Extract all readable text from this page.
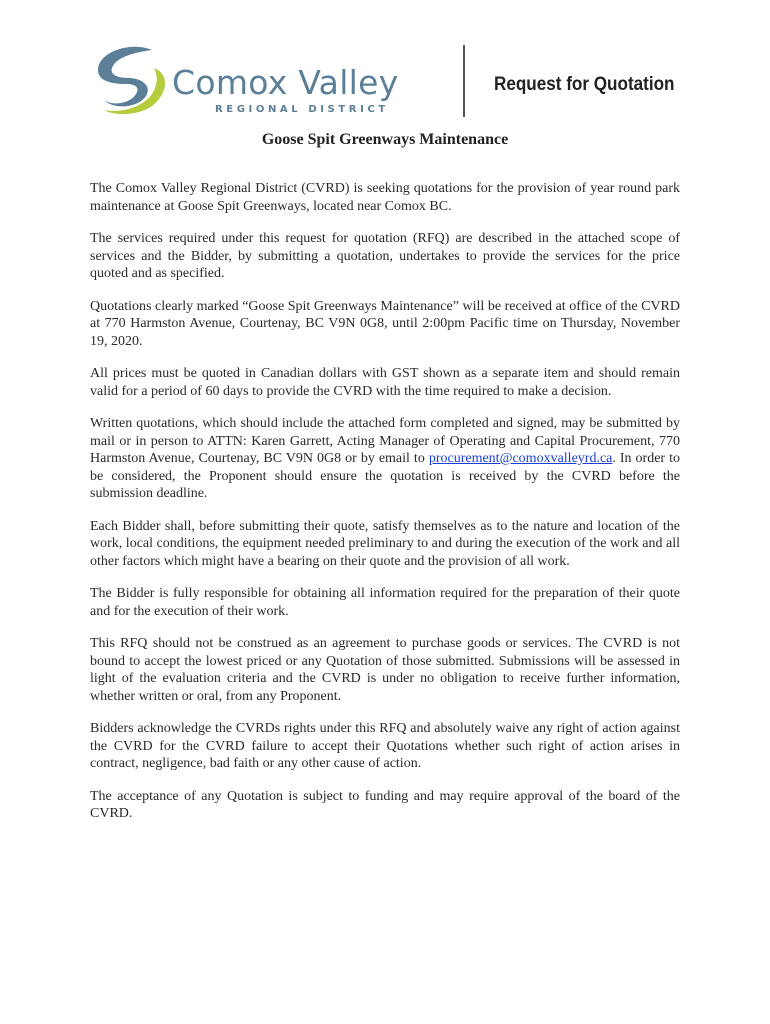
Comox Valley
REGIONAL DISTRICT
Request for Quotation
Goose Spit Greenways Maintenance

The Comox Valley Regional District (CVRD) is seeking quotations for the provision of year round park maintenance at Goose Spit Greenways, located near Comox BC.

The services required under this request for quotation (RFQ) are described in the attached scope of services and the Bidder, by submitting a quotation, undertakes to provide the services for the price quoted and as specified.

Quotations clearly marked “Goose Spit Greenways Maintenance” will be received at office of the CVRD at 770 Harmston Avenue, Courtenay, BC V9N 0G8, until 2:00pm Pacific time on Thursday, November 19, 2020.

All prices must be quoted in Canadian dollars with GST shown as a separate item and should remain valid for a period of 60 days to provide the CVRD with the time required to make a decision.

Written quotations, which should include the attached form completed and signed, may be submitted by mail or in person to ATTN: Karen Garrett, Acting Manager of Operating and Capital Procurement, 770 Harmston Avenue, Courtenay, BC V9N 0G8 or by email to procurement@comoxvalleyrd.ca. In order to be considered, the Proponent should ensure the quotation is received by the CVRD before the submission deadline.

Each Bidder shall, before submitting their quote, satisfy themselves as to the nature and location of the work, local conditions, the equipment needed preliminary to and during the execution of the work and all other factors which might have a bearing on their quote and the provision of all work.

The Bidder is fully responsible for obtaining all information required for the preparation of their quote and for the execution of their work.

This RFQ should not be construed as an agreement to purchase goods or services. The CVRD is not bound to accept the lowest priced or any Quotation of those submitted. Submissions will be assessed in light of the evaluation criteria and the CVRD is under no obligation to receive further information, whether written or oral, from any Proponent.

Bidders acknowledge the CVRDs rights under this RFQ and absolutely waive any right of action against the CVRD for the CVRD failure to accept their Quotations whether such right of action arises in contract, negligence, bad faith or any other cause of action.

The acceptance of any Quotation is subject to funding and may require approval of the board of the CVRD.
